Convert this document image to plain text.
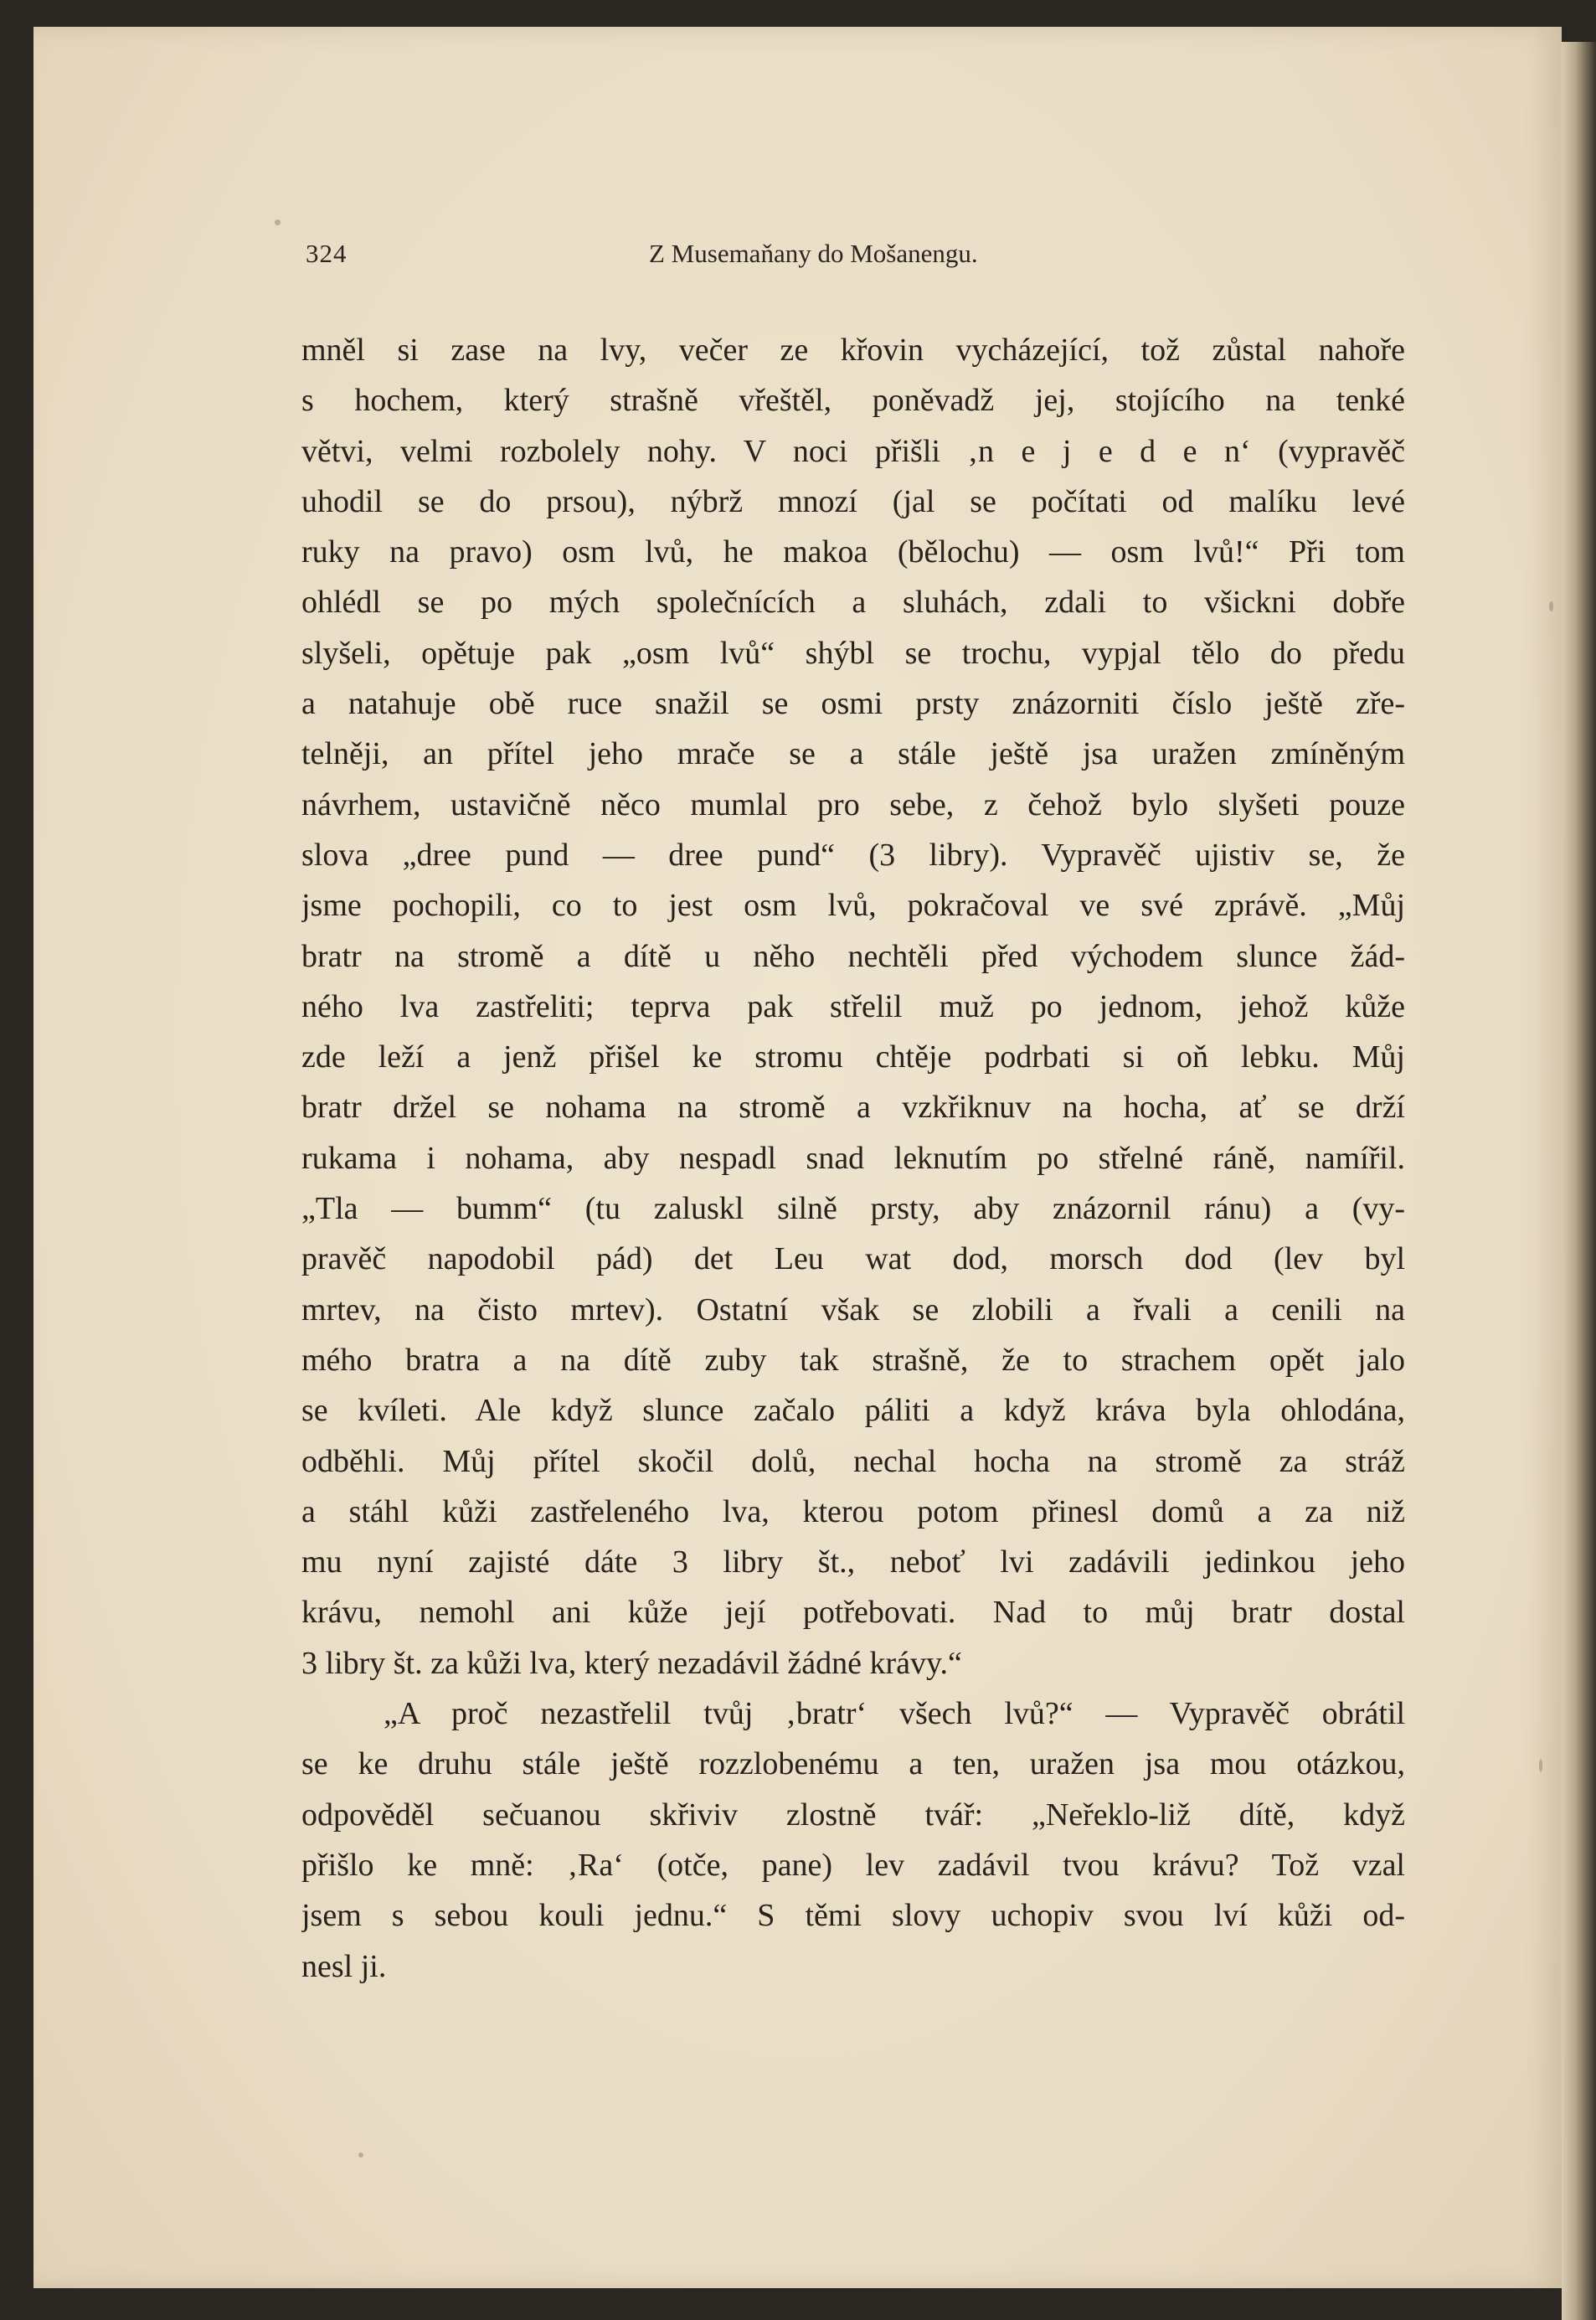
324	Z Musemaňany do Mošanengu.
mněl si zase na lvy, večer ze křovin vycházející, tož zůstal nahoře
s hochem, který strašně vřeštěl, poněvadž jej, stojícího na tenké
větvi, velmi rozbolely nohy. V noci přišli ‚n e j e d e n‘ (vypravěč
uhodil se do prsou), nýbrž mnozí (jal se počítati od malíku levé
ruky na pravo) osm lvů, he makoa (bělochu) — osm lvů!“ Při tom
ohlédl se po mých společnících a sluhách, zdali to všickni dobře
slyšeli, opětuje pak „osm lvů“ shýbl se trochu, vypjal tělo do předu
a natahuje obě ruce snažil se osmi prsty znázorniti číslo ještě zře-
telněji, an přítel jeho mrače se a stále ještě jsa uražen zmíněným
návrhem, ustavičně něco mumlal pro sebe, z čehož bylo slyšeti pouze
slova „dree pund — dree pund“ (3 libry). Vypravěč ujistiv se, že
jsme pochopili, co to jest osm lvů, pokračoval ve své zprávě. „Můj
bratr na stromě a dítě u něho nechtěli před východem slunce žád-
ného lva zastřeliti; teprva pak střelil muž po jednom, jehož kůže
zde leží a jenž přišel ke stromu chtěje podrbati si oň lebku. Můj
bratr držel se nohama na stromě a vzkřiknuv na hocha, ať se drží
rukama i nohama, aby nespadl snad leknutím po střelné ráně, namířil.
„Tla — bumm“ (tu zaluskl silně prsty, aby znázornil ránu) a (vy-
pravěč napodobil pád) det Leu wat dod, morsch dod (lev byl
mrtev, na čisto mrtev). Ostatní však se zlobili a řvali a cenili na
mého bratra a na dítě zuby tak strašně, že to strachem opět jalo
se kvíleti. Ale když slunce začalo páliti a když kráva byla ohlodána,
odběhli. Můj přítel skočil dolů, nechal hocha na stromě za stráž
a stáhl kůži zastřeleného lva, kterou potom přinesl domů a za niž
mu nyní zajisté dáte 3 libry št., neboť lvi zadávili jedinkou jeho
krávu, nemohl ani kůže její potřebovati. Nad to můj bratr dostal
3 libry št. za kůži lva, který nezadávil žádné krávy.“
„A proč nezastřelil tvůj ‚bratr‘ všech lvů?“ — Vypravěč obrátil
se ke druhu stále ještě rozzlobenému a ten, uražen jsa mou otázkou,
odpověděl sečuanou skřiviv zlostně tvář: „Neřeklo-liž dítě, když
přišlo ke mně: ‚Ra‘ (otče, pane) lev zadávil tvou krávu? Tož vzal
jsem s sebou kouli jednu.“ S těmi slovy uchopiv svou lví kůži od-
nesl ji.
